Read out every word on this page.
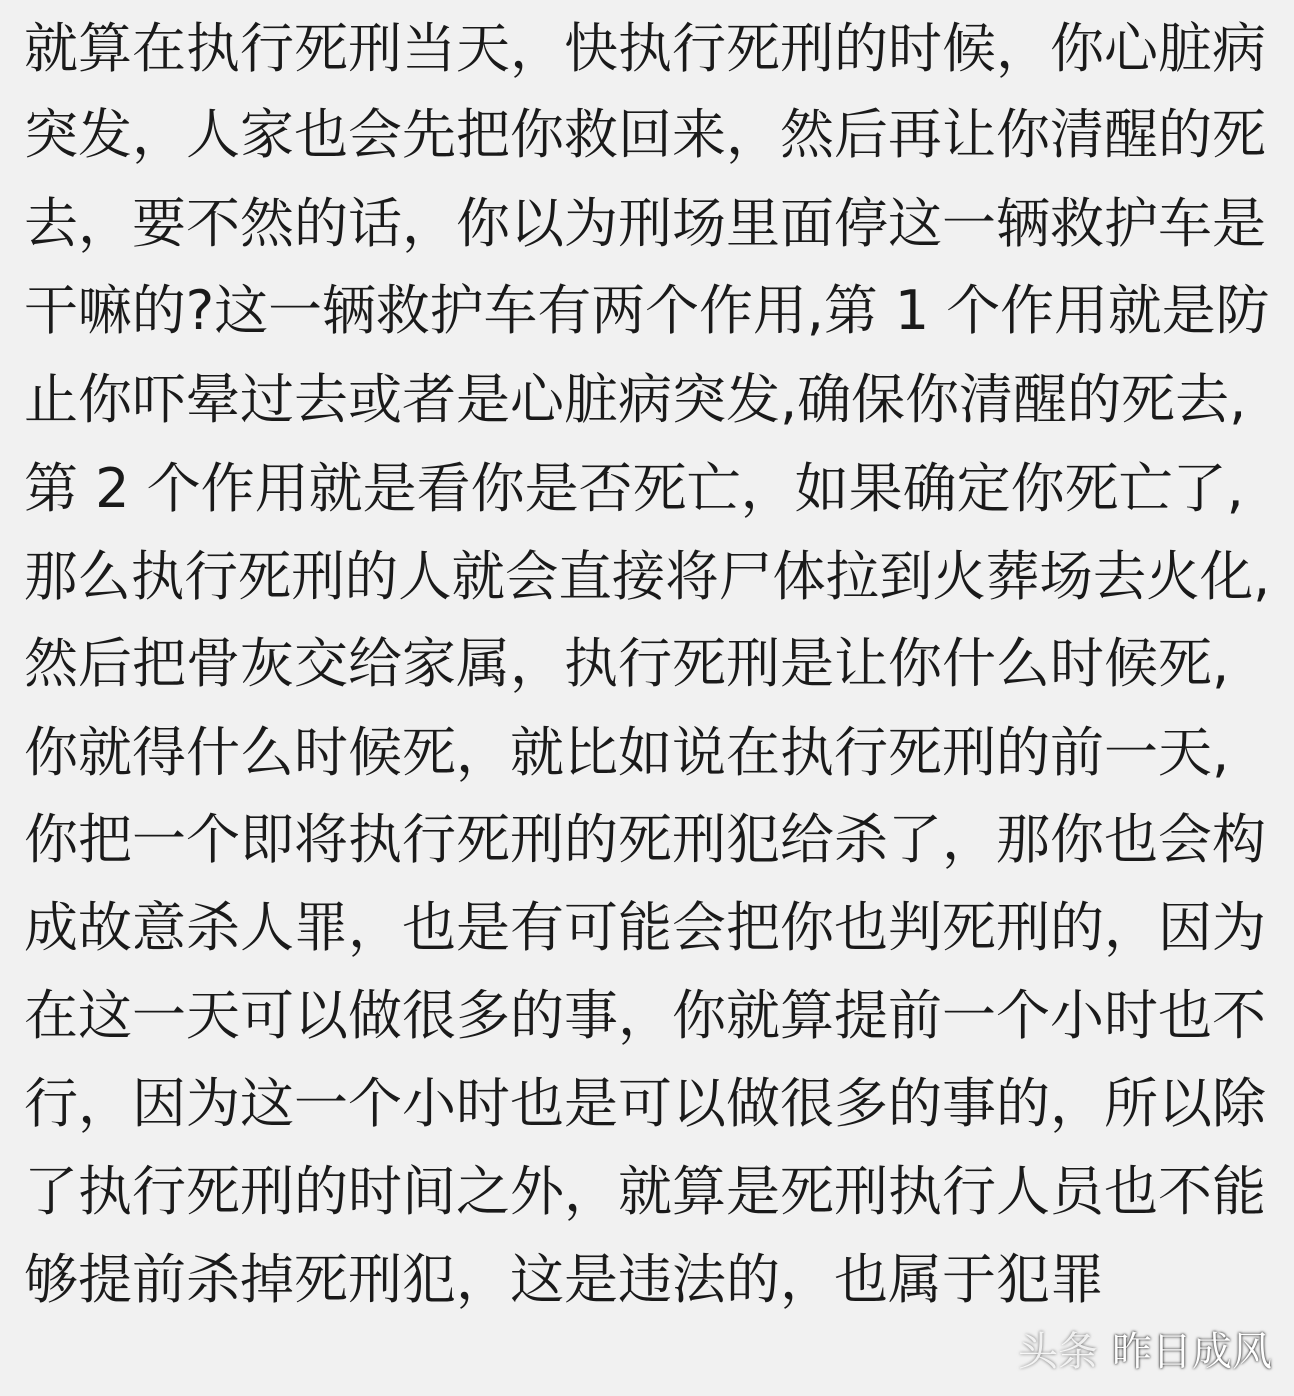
就算在执行死刑当天，快执行死刑的时候，你心脏病
突发，人家也会先把你救回来，然后再让你清醒的死
去，要不然的话，你以为刑场里面停这一辆救护车是
干嘛的?这一辆救护车有两个作用,第 1 个作用就是防
止你吓晕过去或者是心脏病突发,确保你清醒的死去,
第 2 个作用就是看你是否死亡，如果确定你死亡了,
那么执行死刑的人就会直接将尸体拉到火葬场去火化,
然后把骨灰交给家属，执行死刑是让你什么时候死,
你就得什么时候死，就比如说在执行死刑的前一天,
你把一个即将执行死刑的死刑犯给杀了，那你也会构
成故意杀人罪，也是有可能会把你也判死刑的，因为
在这一天可以做很多的事，你就算提前一个小时也不
行，因为这一个小时也是可以做很多的事的，所以除
了执行死刑的时间之外，就算是死刑执行人员也不能
够提前杀掉死刑犯，这是违法的，也属于犯罪
头条 昨日成风
